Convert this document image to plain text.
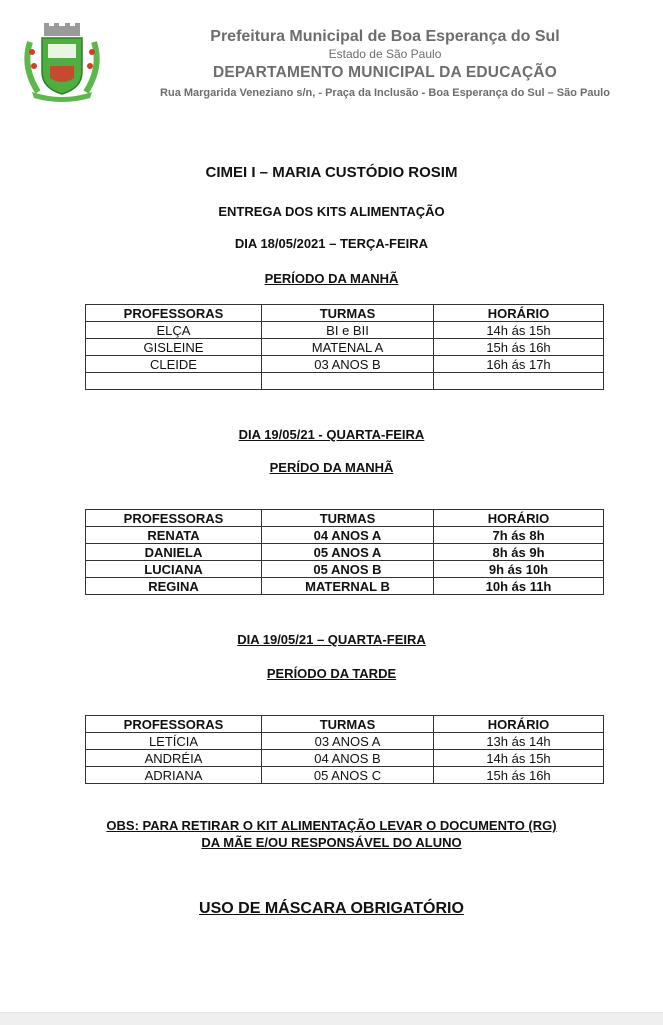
Prefeitura Municipal de Boa Esperança do Sul
Estado de São Paulo
DEPARTAMENTO MUNICIPAL DA EDUCAÇÃO
Rua Margarida Veneziano s/n, - Praça da Inclusão - Boa Esperança do Sul – São Paulo
CIMEI I – MARIA CUSTÓDIO ROSIM
ENTREGA DOS KITS ALIMENTAÇÃO
DIA 18/05/2021 – TERÇA-FEIRA
PERÍODO DA MANHÃ
PROFESSORAS	TURMAS	HORÁRIO
ELÇA	BI e BII	14h ás 15h
GISLEINE	MATENAL A	15h ás 16h
CLEIDE	03 ANOS B	16h ás 17h

DIA 19/05/21 - QUARTA-FEIRA
PERÍDO DA MANHÃ
PROFESSORAS	TURMAS	HORÁRIO
RENATA	04 ANOS A	7h ás 8h
DANIELA	05 ANOS A	8h ás 9h
LUCIANA	05 ANOS B	9h ás 10h
REGINA	MATERNAL B	10h ás 11h
DIA 19/05/21 – QUARTA-FEIRA
PERÍODO DA TARDE
PROFESSORAS	TURMAS	HORÁRIO
LETÍCIA	03 ANOS A	13h ás 14h
ANDRÉIA	04 ANOS B	14h ás 15h
ADRIANA	05 ANOS C	15h ás 16h
OBS: PARA RETIRAR O KIT ALIMENTAÇÃO LEVAR O DOCUMENTO (RG)
DA MÃE E/OU RESPONSÁVEL DO ALUNO
USO DE MÁSCARA OBRIGATÓRIO
